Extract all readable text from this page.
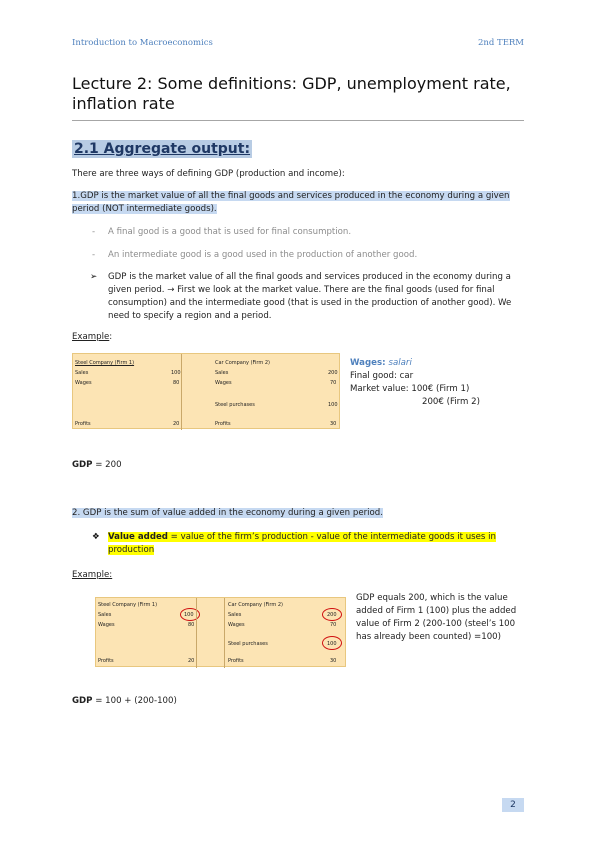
Introduction to Macroeconomics	2nd TERM
Lecture 2: Some definitions: GDP, unemployment rate, inflation rate
2.1 Aggregate output:
There are three ways of defining GDP (production and income):
1.GDP is the market value of all the final goods and services produced in the economy during a given period (NOT intermediate goods).
- A final good is a good that is used for final consumption.
- An intermediate good is a good used in the production of another good.
➢ GDP is the market value of all the final goods and services produced in the economy during a given period. → First we look at the market value. There are the final goods (used for final consumption) and the intermediate good (that is used in the production of another good). We need to specify a region and a period.
Example:
Steel Company (Firm 1)
Sales	100
Wages	80
Profits	20
Car Company (Firm 2)
Sales	200
Wages	70
Steel purchases	100
Profits	30
Wages: salari
Final good: car
Market value: 100€ (Firm 1)
200€ (Firm 2)
GDP = 200
2. GDP is the sum of value added in the economy during a given period.
❖ Value added = value of the firm’s production - value of the intermediate goods it uses in production
Example:
Steel Company (Firm 1)
Sales	100
Wages	80
Profits	20
Car Company (Firm 2)
Sales	200
Wages	70
Steel purchases	100
Profits	30
GDP equals 200, which is the value added of Firm 1 (100) plus the added value of Firm 2 (200-100 (steel’s 100 has already been counted) =100)
GDP = 100 + (200-100)
2
